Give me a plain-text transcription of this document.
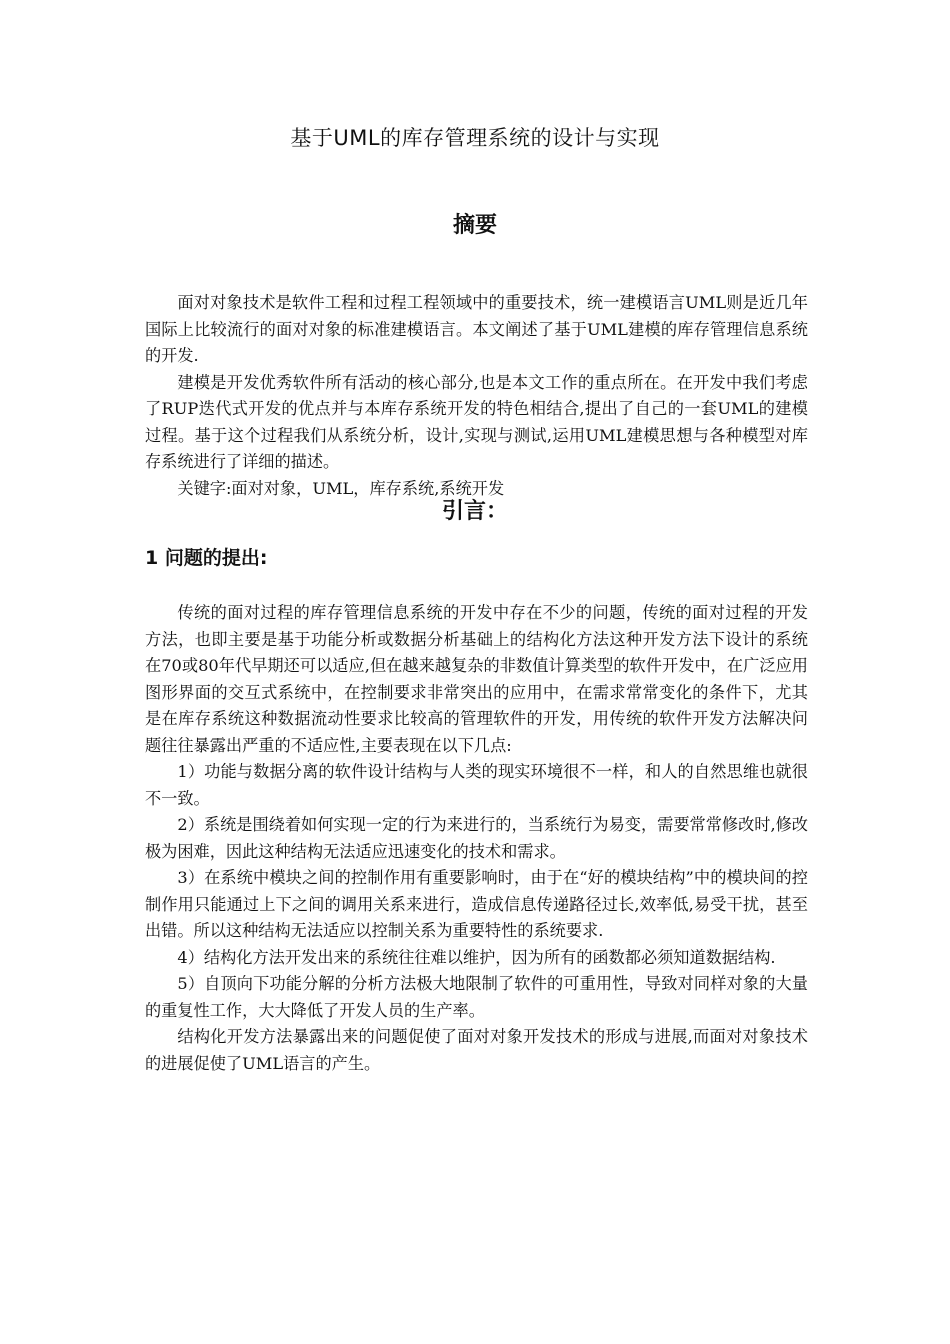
基于UML的库存管理系统的设计与实现
摘要

面对对象技术是软件工程和过程工程领域中的重要技术，统一建模语言UML则是近几年国际上比较流行的面对对象的标准建模语言。本文阐述了基于UML建模的库存管理信息系统的开发.

建模是开发优秀软件所有活动的核心部分,也是本文工作的重点所在。在开发中我们考虑了RUP迭代式开发的优点并与本库存系统开发的特色相结合,提出了自己的一套UML的建模过程。基于这个过程我们从系统分析，设计,实现与测试,运用UML建模思想与各种模型对库存系统进行了详细的描述。

关键字:面对对象，UML，库存系统,系统开发

引言：
1 问题的提出:

传统的面对过程的库存管理信息系统的开发中存在不少的问题，传统的面对过程的开发方法，也即主要是基于功能分析或数据分析基础上的结构化方法这种开发方法下设计的系统在70或80年代早期还可以适应,但在越来越复杂的非数值计算类型的软件开发中，在广泛应用图形界面的交互式系统中，在控制要求非常突出的应用中，在需求常常变化的条件下，尤其是在库存系统这种数据流动性要求比较高的管理软件的开发，用传统的软件开发方法解决问题往往暴露出严重的不适应性,主要表现在以下几点:

1）功能与数据分离的软件设计结构与人类的现实环境很不一样，和人的自然思维也就很不一致。

2）系统是围绕着如何实现一定的行为来进行的，当系统行为易变，需要常常修改时,修改极为困难，因此这种结构无法适应迅速变化的技术和需求。

3）在系统中模块之间的控制作用有重要影响时，由于在“好的模块结构”中的模块间的控制作用只能通过上下之间的调用关系来进行，造成信息传递路径过长,效率低,易受干扰，甚至出错。所以这种结构无法适应以控制关系为重要特性的系统要求.

4）结构化方法开发出来的系统往往难以维护，因为所有的函数都必须知道数据结构.

5）自顶向下功能分解的分析方法极大地限制了软件的可重用性，导致对同样对象的大量的重复性工作，大大降低了开发人员的生产率。

结构化开发方法暴露出来的问题促使了面对对象开发技术的形成与进展,而面对对象技术的进展促使了UML语言的产生。
